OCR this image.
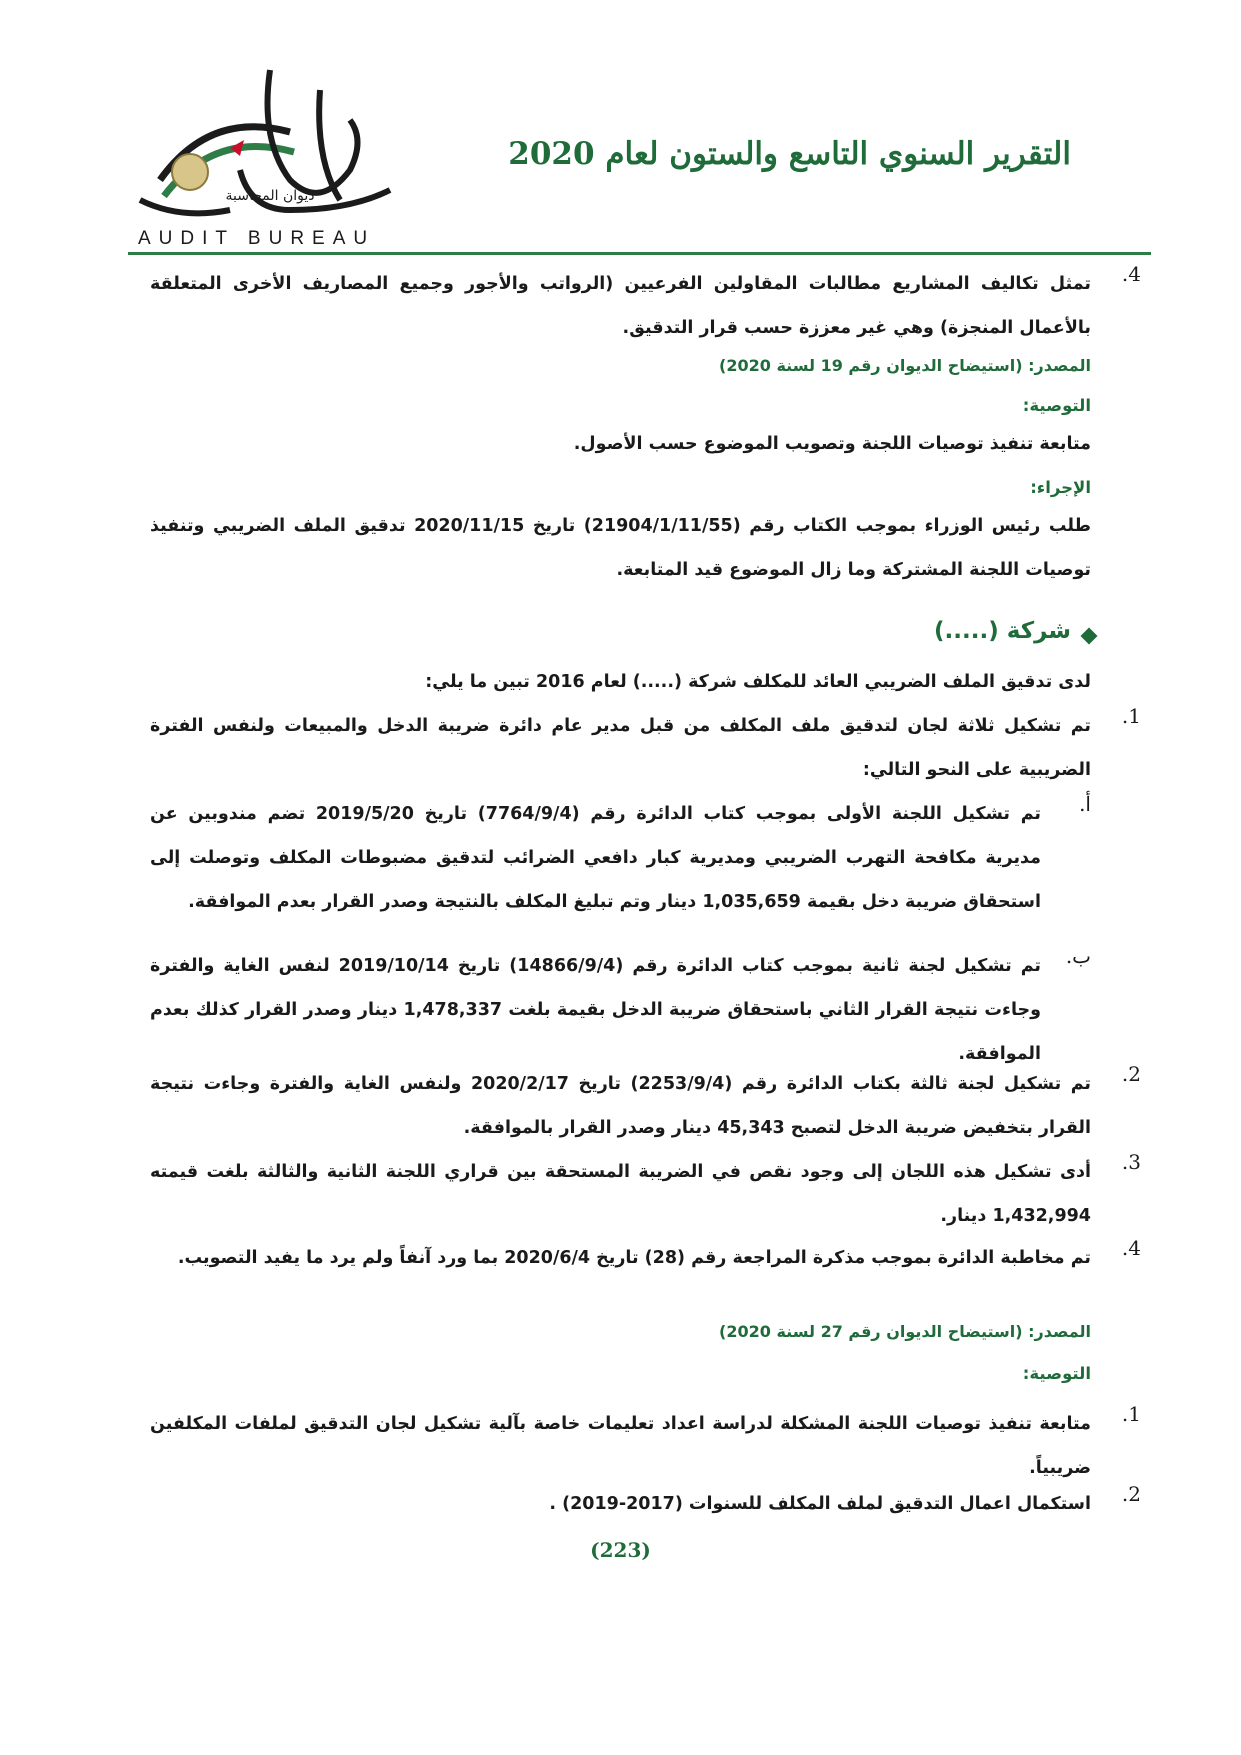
التقرير السنوي التاسع والستون لعام 2020
ديوان المحاسبة
AUDIT BUREAU
4.
تمثل تكاليف المشاريع مطالبات المقاولين الفرعيين (الرواتب والأجور وجميع المصاريف الأخرى المتعلقة بالأعمال المنجزة) وهي غير معززة حسب قرار التدقيق.
المصدر: (استيضاح الديوان رقم 19 لسنة 2020)
التوصية:
متابعة تنفيذ توصيات اللجنة وتصويب الموضوع حسب الأصول.
الإجراء:
طلب رئيس الوزراء بموجب الكتاب رقم (21904/1/11/55) تاريخ 2020/11/15 تدقيق الملف الضريبي وتنفيذ توصيات اللجنة المشتركة وما زال الموضوع قيد المتابعة.
شركة (.....)
لدى تدقيق الملف الضريبي العائد للمكلف شركة (.....) لعام 2016 تبين ما يلي:
1.
تم تشكيل ثلاثة لجان لتدقيق ملف المكلف من قبل مدير عام دائرة ضريبة الدخل والمبيعات ولنفس الفترة الضريبية على النحو التالي:
أ.
تم تشكيل اللجنة الأولى بموجب كتاب الدائرة رقم (7764/9/4) تاريخ 2019/5/20 تضم مندوبين عن مديرية مكافحة التهرب الضريبي ومديرية كبار دافعي الضرائب لتدقيق مضبوطات المكلف وتوصلت إلى استحقاق ضريبة دخل بقيمة 1,035,659 دينار وتم تبليغ المكلف بالنتيجة وصدر القرار بعدم الموافقة.
ب.
تم تشكيل لجنة ثانية بموجب كتاب الدائرة رقم (14866/9/4) تاريخ 2019/10/14 لنفس الغاية والفترة وجاءت نتيجة القرار الثاني باستحقاق ضريبة الدخل بقيمة بلغت 1,478,337 دينار وصدر القرار كذلك بعدم الموافقة.
2.
تم تشكيل لجنة ثالثة بكتاب الدائرة رقم (2253/9/4) تاريخ 2020/2/17 ولنفس الغاية والفترة وجاءت نتيجة القرار بتخفيض ضريبة الدخل لتصبح 45,343 دينار وصدر القرار بالموافقة.
3.
أدى تشكيل هذه اللجان إلى وجود نقص في الضريبة المستحقة بين قراري اللجنة الثانية والثالثة بلغت قيمته 1,432,994 دينار.
4.
تم مخاطبة الدائرة بموجب مذكرة المراجعة رقم (28) تاريخ 2020/6/4 بما ورد آنفاً ولم يرد ما يفيد التصويب.
المصدر: (استيضاح الديوان رقم 27 لسنة 2020)
التوصية:
1.
متابعة تنفيذ توصيات اللجنة المشكلة لدراسة اعداد تعليمات خاصة بآلية تشكيل لجان التدقيق لملفات المكلفين ضريبياً.
2.
استكمال اعمال التدقيق لملف المكلف للسنوات (2017-2019) .
(223)
